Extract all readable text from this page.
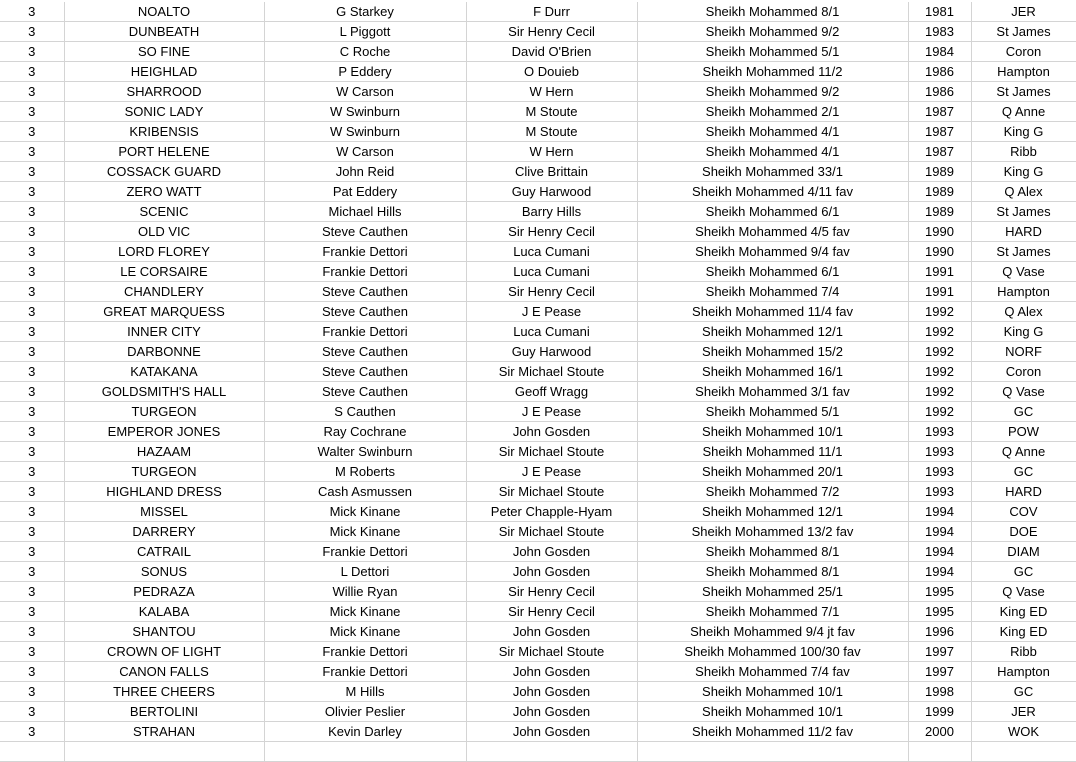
3	NOALTO	G Starkey	F Durr	Sheikh Mohammed 8/1	1981	JER	
3	DUNBEATH	L Piggott	Sir Henry Cecil	Sheikh Mohammed 9/2	1983	St James	
3	SO FINE	C Roche	David O'Brien	Sheikh Mohammed 5/1	1984	Coron	
3	HEIGHLAD	P Eddery	O Douieb	Sheikh Mohammed 11/2	1986	Hampton	
3	SHARROOD	W Carson	W Hern	Sheikh Mohammed 9/2	1986	St James	
3	SONIC LADY	W Swinburn	M Stoute	Sheikh Mohammed 2/1	1987	Q Anne	
3	KRIBENSIS	W Swinburn	M Stoute	Sheikh Mohammed 4/1	1987	King G	
3	PORT HELENE	W Carson	W Hern	Sheikh Mohammed 4/1	1987	Ribb	
3	COSSACK GUARD	John Reid	Clive Brittain	Sheikh Mohammed 33/1	1989	King G	
3	ZERO WATT	Pat Eddery	Guy Harwood	Sheikh Mohammed 4/11 fav	1989	Q Alex	
3	SCENIC	Michael Hills	Barry Hills	Sheikh Mohammed 6/1	1989	St James	
3	OLD VIC	Steve Cauthen	Sir Henry Cecil	Sheikh Mohammed 4/5 fav	1990	HARD	
3	LORD FLOREY	Frankie Dettori	Luca Cumani	Sheikh Mohammed 9/4 fav	1990	St James	
3	LE CORSAIRE	Frankie Dettori	Luca Cumani	Sheikh Mohammed 6/1	1991	Q Vase	
3	CHANDLERY	Steve Cauthen	Sir Henry Cecil	Sheikh Mohammed 7/4	1991	Hampton	
3	GREAT MARQUESS	Steve Cauthen	J E Pease	Sheikh Mohammed 11/4 fav	1992	Q Alex	
3	INNER CITY	Frankie Dettori	Luca Cumani	Sheikh Mohammed 12/1	1992	King G	
3	DARBONNE	Steve Cauthen	Guy Harwood	Sheikh Mohammed 15/2	1992	NORF	
3	KATAKANA	Steve Cauthen	Sir Michael Stoute	Sheikh Mohammed 16/1	1992	Coron	
3	GOLDSMITH'S HALL	Steve Cauthen	Geoff Wragg	Sheikh Mohammed 3/1 fav	1992	Q Vase	
3	TURGEON	S Cauthen	J E Pease	Sheikh Mohammed 5/1	1992	GC	
3	EMPEROR JONES	Ray Cochrane	John Gosden	Sheikh Mohammed 10/1	1993	POW	
3	HAZAAM	Walter Swinburn	Sir Michael Stoute	Sheikh Mohammed 11/1	1993	Q Anne	
3	TURGEON	M Roberts	J E Pease	Sheikh Mohammed 20/1	1993	GC	
3	HIGHLAND DRESS	Cash Asmussen	Sir Michael Stoute	Sheikh Mohammed 7/2	1993	HARD	
3	MISSEL	Mick Kinane	Peter Chapple-Hyam	Sheikh Mohammed 12/1	1994	COV	
3	DARRERY	Mick Kinane	Sir Michael Stoute	Sheikh Mohammed 13/2 fav	1994	DOE	
3	CATRAIL	Frankie Dettori	John Gosden	Sheikh Mohammed 8/1	1994	DIAM	
3	SONUS	L Dettori	John Gosden	Sheikh Mohammed 8/1	1994	GC	
3	PEDRAZA	Willie Ryan	Sir Henry Cecil	Sheikh Mohammed 25/1	1995	Q Vase	
3	KALABA	Mick Kinane	Sir Henry Cecil	Sheikh Mohammed 7/1	1995	King ED	
3	SHANTOU	Mick Kinane	John Gosden	Sheikh Mohammed 9/4 jt fav	1996	King ED	
3	CROWN OF LIGHT	Frankie Dettori	Sir Michael Stoute	Sheikh Mohammed 100/30 fav	1997	Ribb	
3	CANON FALLS	Frankie Dettori	John Gosden	Sheikh Mohammed 7/4 fav	1997	Hampton	
3	THREE CHEERS	M Hills	John Gosden	Sheikh Mohammed 10/1	1998	GC	
3	BERTOLINI	Olivier Peslier	John Gosden	Sheikh Mohammed 10/1	1999	JER	
3	STRAHAN	Kevin Darley	John Gosden	Sheikh Mohammed 11/2 fav	2000	WOK	
